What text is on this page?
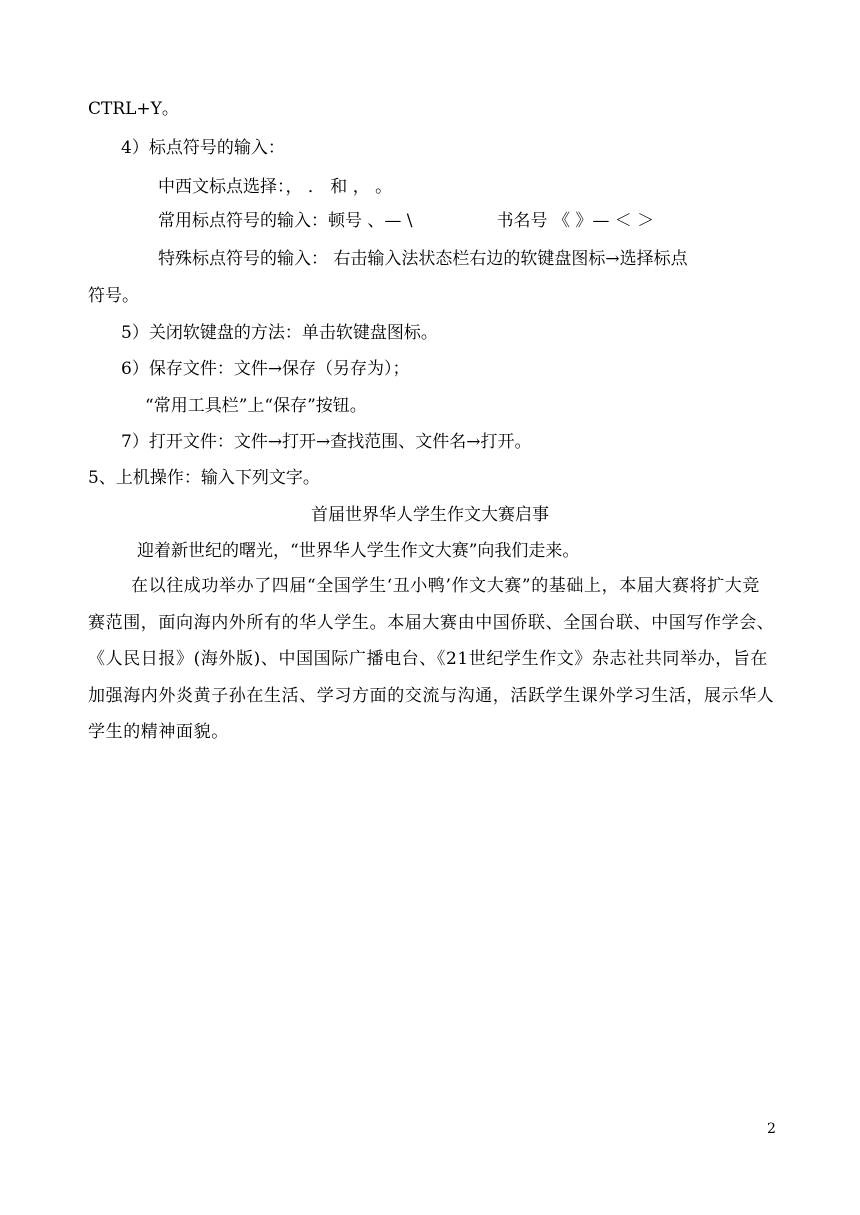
CTRL+Y。
4）标点符号的输入：
中西文标点选择：， ． 和 ， 。
常用标点符号的输入：顿号 、— \	书名号 《 》— ＜ ＞
特殊标点符号的输入： 右击输入法状态栏右边的软键盘图标→选择标点
符号。
5）关闭软键盘的方法：单击软键盘图标。
6）保存文件：文件→保存（另存为）；
“常用工具栏”上“保存”按钮。
7）打开文件：文件→打开→查找范围、文件名→打开。
5、上机操作：输入下列文字。
首届世界华人学生作文大赛启事
迎着新世纪的曙光，“世界华人学生作文大赛”向我们走来。
在以往成功举办了四届“全国学生‘丑小鸭’作文大赛”的基础上，本届大赛将扩大竞赛范围，面向海内外所有的华人学生。本届大赛由中国侨联、全国台联、中国写作学会、《人民日报》(海外版)、中国国际广播电台、《21世纪学生作文》杂志社共同举办，旨在加强海内外炎黄子孙在生活、学习方面的交流与沟通，活跃学生课外学习生活，展示华人学生的精神面貌。
2
